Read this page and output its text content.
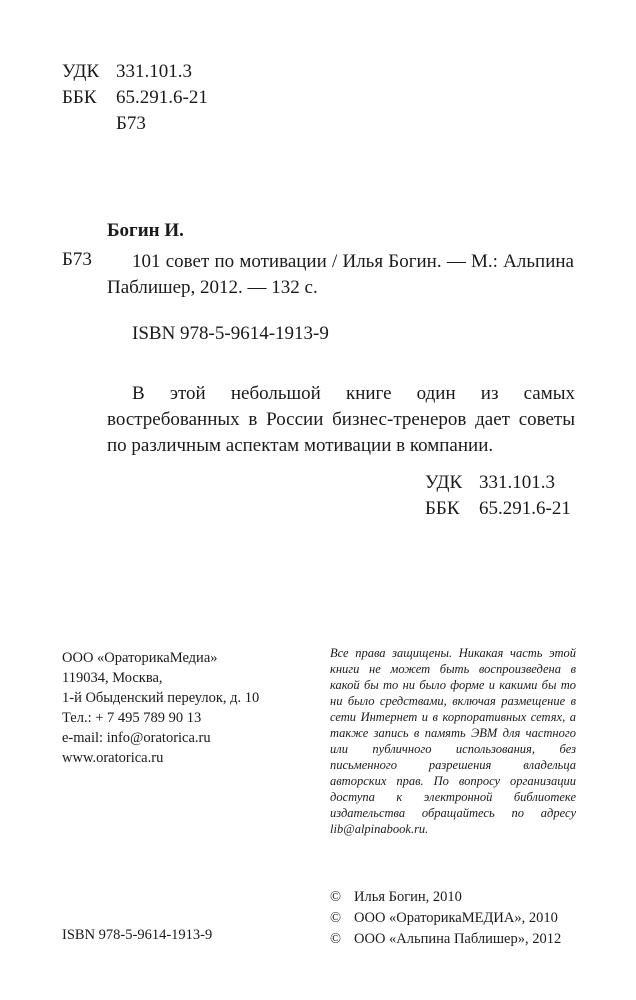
УДК 331.101.3
ББК 65.291.6-21
Б73
Богин И.
Б73	101 совет по мотивации / Илья Богин. — М.: Альпина Паблишер, 2012. — 132 с.
ISBN 978-5-9614-1913-9
В этой небольшой книге один из самых востребованных в России бизнес-тренеров дает советы по различным аспектам мотивации в компании.
УДК 331.101.3
ББК 65.291.6-21
ООО «ОраторикаМедиа»
119034, Москва,
1-й Обыденский переулок, д. 10
Тел.: + 7 495 789 90 13
e-mail: info@oratorica.ru
www.oratorica.ru
Все права защищены. Никакая часть этой книги не может быть воспроизведена в какой бы то ни было форме и какими бы то ни было средствами, включая размещение в сети Интернет и в корпоративных сетях, а также запись в память ЭВМ для частного или публичного использования, без письменного разрешения владельца авторских прав. По вопросу организации доступа к электронной библиотеке издательства обращайтесь по адресу lib@alpinabook.ru.
ISBN 978-5-9614-1913-9
© Илья Богин, 2010
© ООО «ОраторикаМЕДИА», 2010
© ООО «Альпина Паблишер», 2012
